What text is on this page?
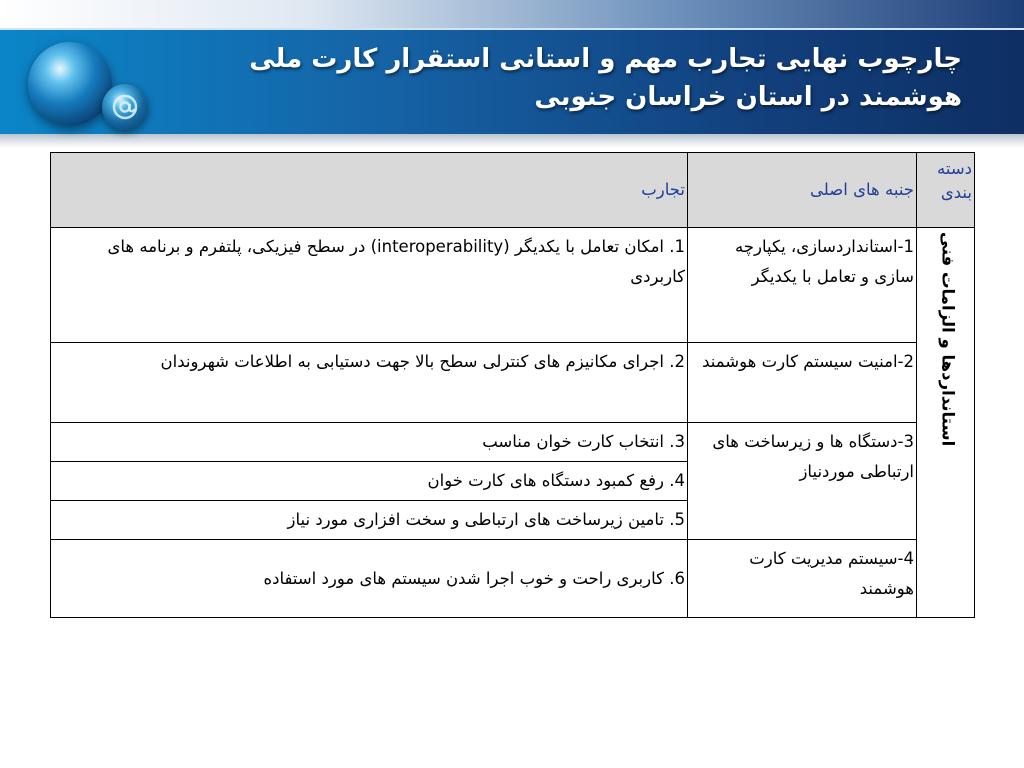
چارچوب نهایی تجارب مهم و استانی استقرار کارت ملی هوشمند در استان خراسان جنوبی
دسته بندی	جنبه های اصلی	تجارب

استانداردها و الزامات فنی	1-استانداردسازی، یکپارچه سازی و تعامل با یکدیگر	1. امکان تعامل با یکدیگر (interoperability) در سطح فیزیکی، پلتفرم و برنامه های کاربردی
	2-امنیت سیستم کارت هوشمند	2. اجرای مکانیزم های کنترلی سطح بالا جهت دستیابی به اطلاعات شهروندان
	3-دستگاه ها و زیرساخت های ارتباطی موردنیاز	3. انتخاب کارت خوان مناسب
		4. رفع کمبود دستگاه های کارت خوان
		5. تامین زیرساخت های ارتباطی و سخت افزاری مورد نیاز
	4-سیستم مدیریت کارت هوشمند	6. کاربری راحت و خوب اجرا شدن سیستم های مورد استفاده
